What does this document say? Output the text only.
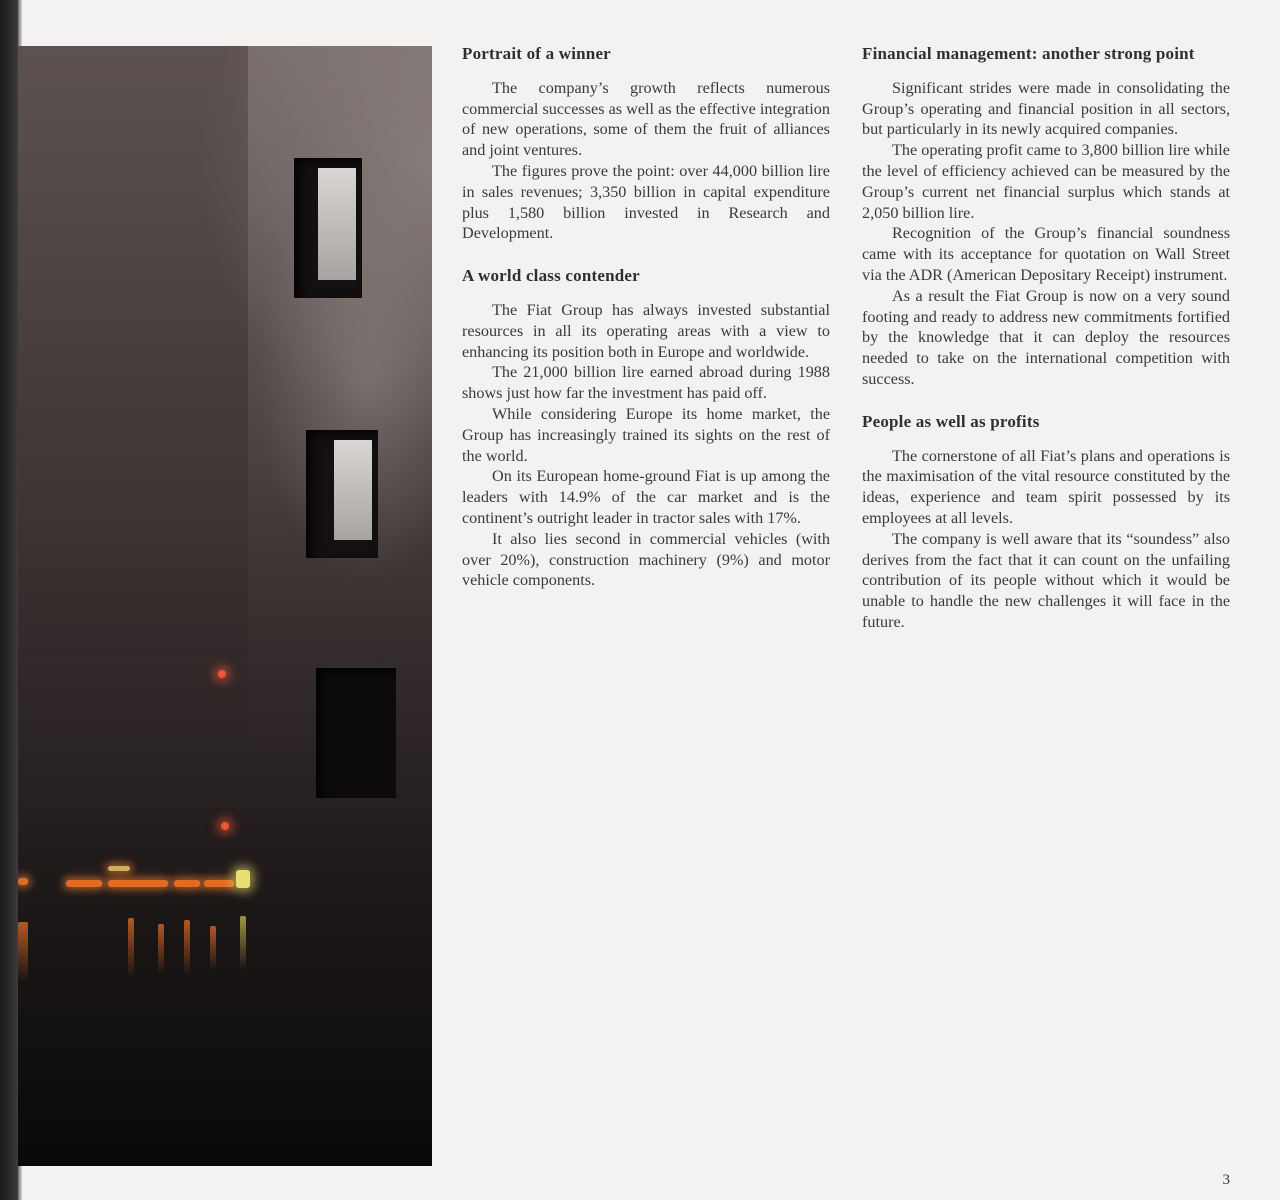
Portrait of a winner

The company’s growth reflects numerous commercial successes as well as the effective integration of new operations, some of them the fruit of alliances and joint ventures.

The figures prove the point: over 44,000 billion lire in sales revenues; 3,350 billion in capital expenditure plus 1,580 billion invested in Research and Development.

A world class contender

The Fiat Group has always invested substantial resources in all its operating areas with a view to enhancing its position both in Europe and worldwide.

The 21,000 billion lire earned abroad during 1988 shows just how far the investment has paid off.

While considering Europe its home market, the Group has increasingly trained its sights on the rest of the world.

On its European home-ground Fiat is up among the leaders with 14.9% of the car market and is the continent’s outright leader in tractor sales with 17%.

It also lies second in commercial vehicles (with over 20%), construction machinery (9%) and motor vehicle components.

Financial management: another strong point

Significant strides were made in consolidating the Group’s operating and financial position in all sectors, but particularly in its newly acquired companies.

The operating profit came to 3,800 billion lire while the level of efficiency achieved can be measured by the Group’s current net financial surplus which stands at 2,050 billion lire.

Recognition of the Group’s financial soundness came with its acceptance for quotation on Wall Street via the ADR (American Depositary Receipt) instrument.

As a result the Fiat Group is now on a very sound footing and ready to address new commitments fortified by the knowledge that it can deploy the resources needed to take on the international competition with success.

People as well as profits

The cornerstone of all Fiat’s plans and operations is the maximisation of the vital resource constituted by the ideas, experience and team spirit possessed by its employees at all levels.

The company is well aware that its “soundess” also derives from the fact that it can count on the unfailing contribution of its people without which it would be unable to handle the new challenges it will face in the future.

3
